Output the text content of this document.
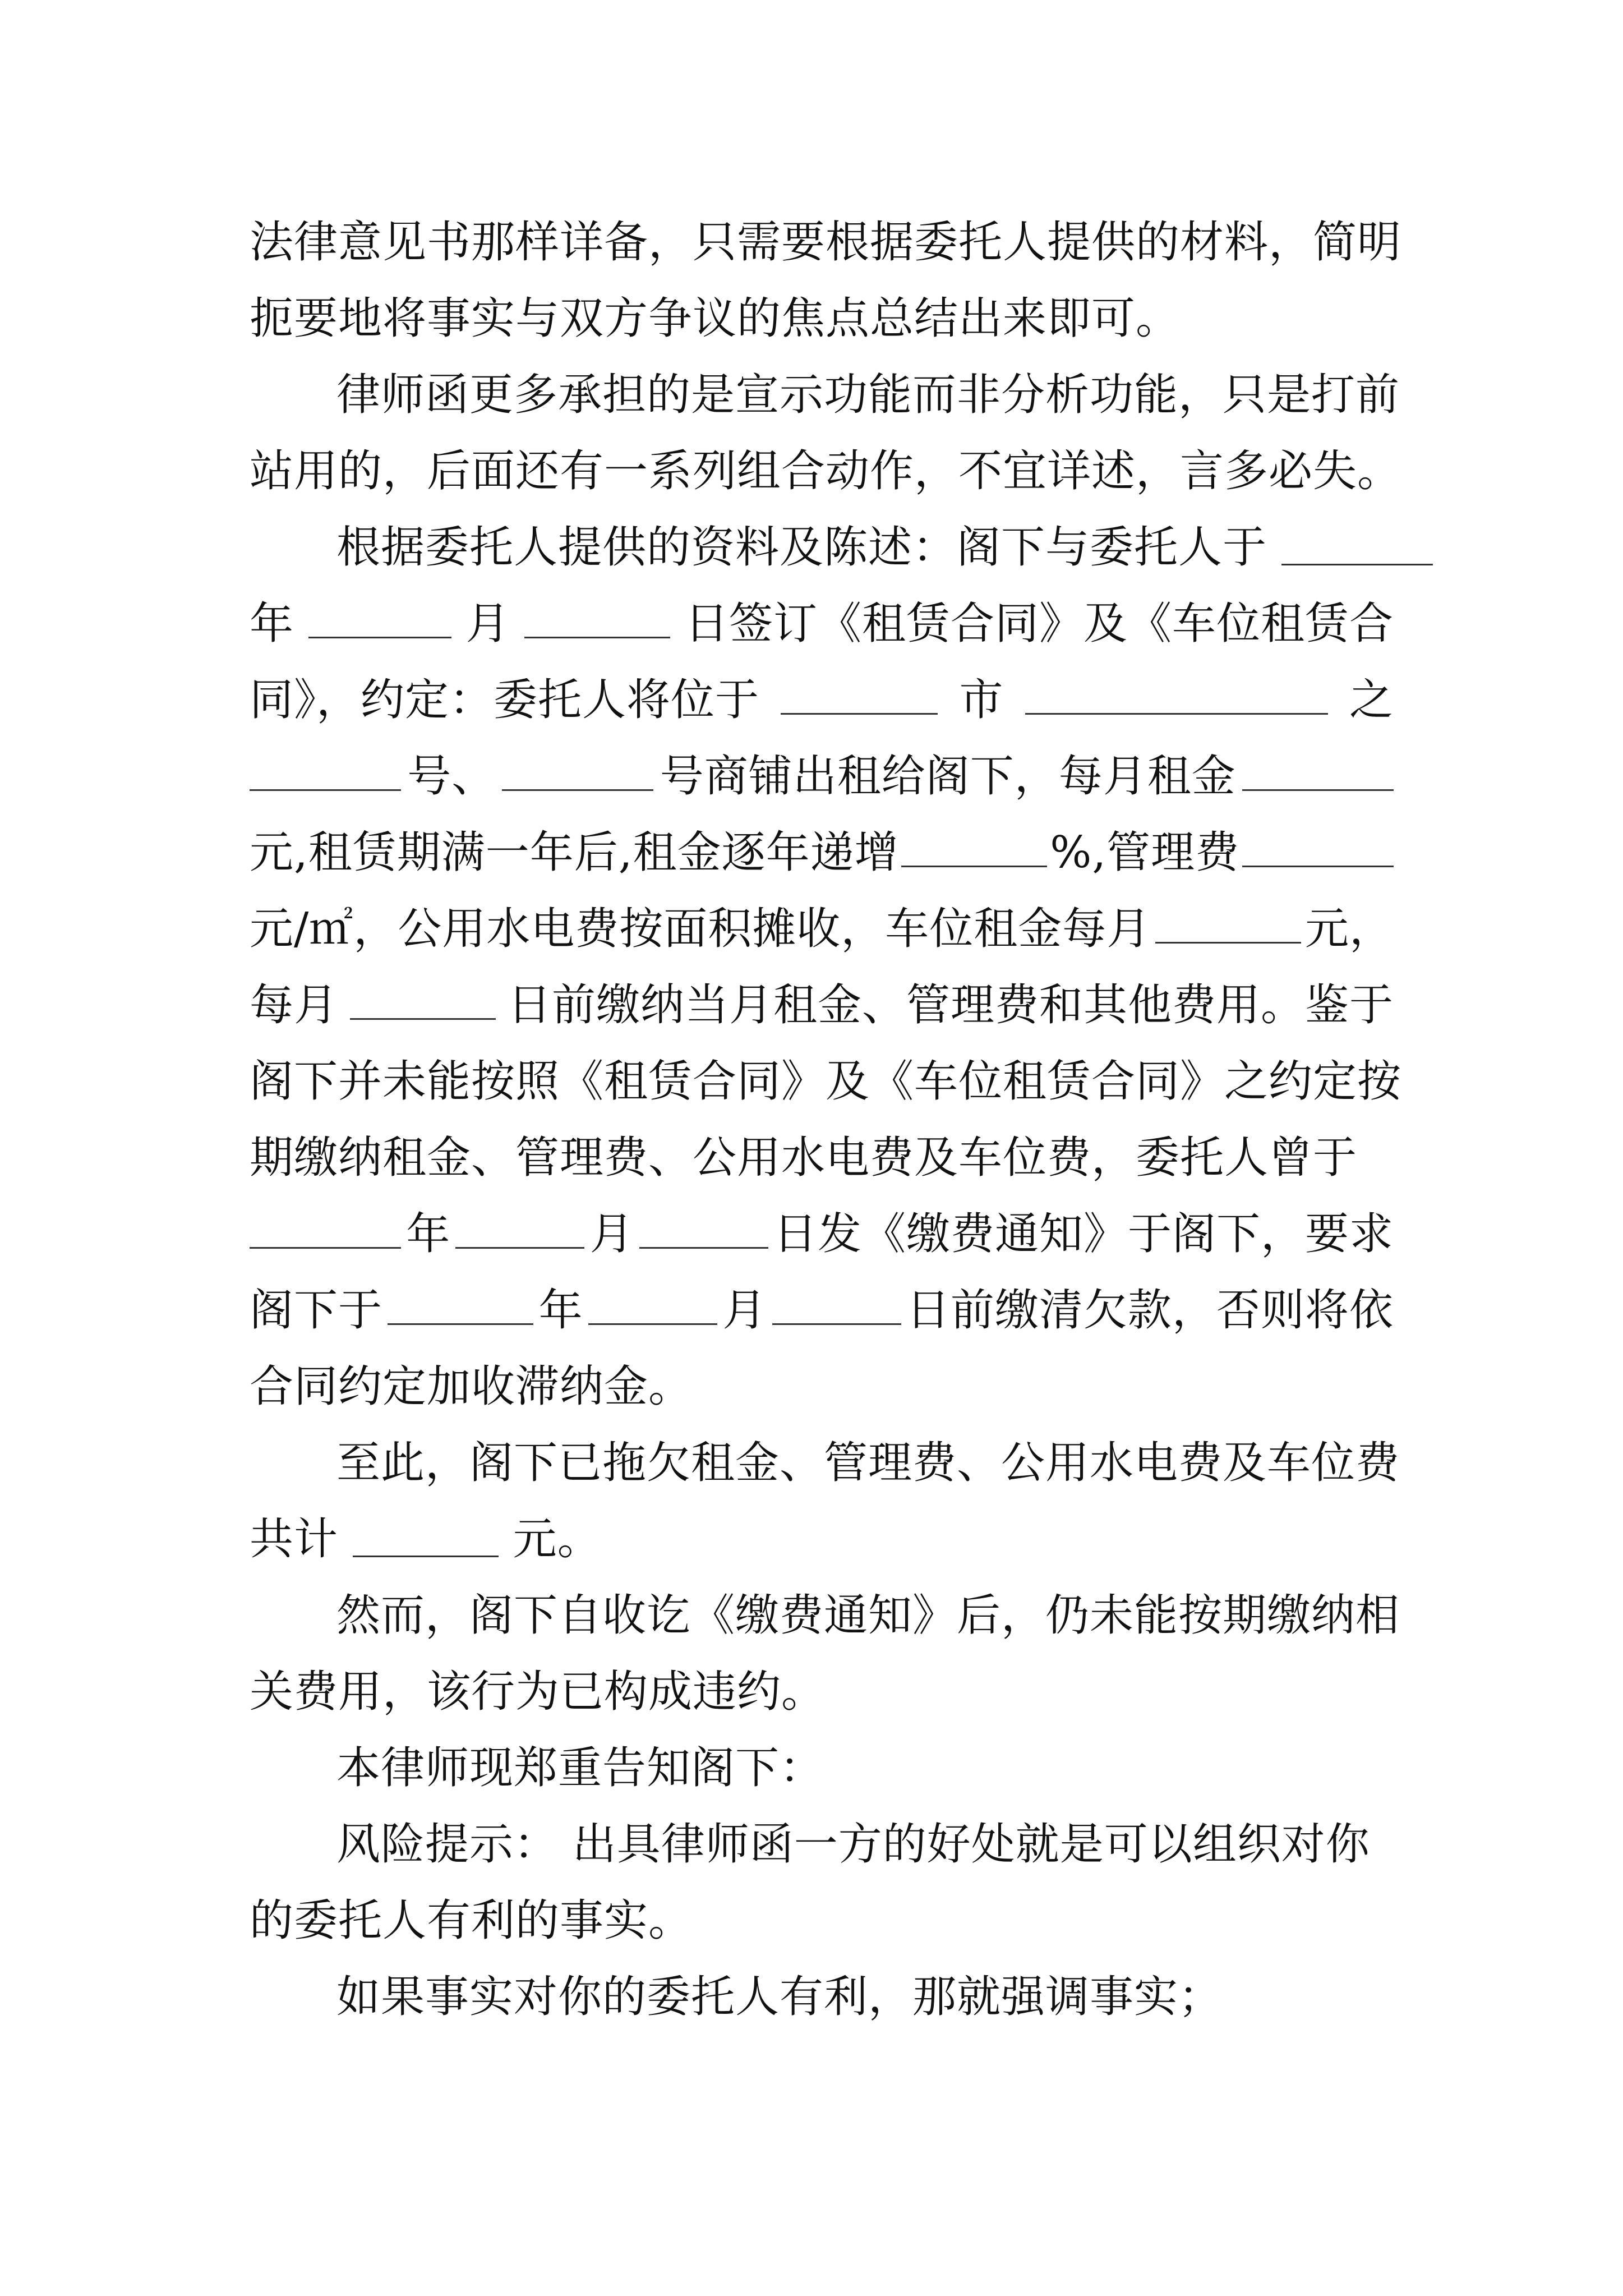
法律意见书那样详备，只需要根据委托人提供的材料，简明
扼要地将事实与双方争议的焦点总结出来即可。
律师函更多承担的是宣示功能而非分析功能，只是打前
站用的，后面还有一系列组合动作，不宜详述，言多必失。
根据委托人提供的资料及陈述：阁下与委托人于
年	月	日签订《租赁合同》及《车位租赁合
同》，约定：委托人将位于	市	之
号、	号商铺出租给阁下，每月租金
元,租赁期满一年后,租金逐年递增	%,管理费
元/㎡，公用水电费按面积摊收，车位租金每月	元，
每月	日前缴纳当月租金、管理费和其他费用。鉴于
阁下并未能按照《租赁合同》及《车位租赁合同》之约定按
期缴纳租金、管理费、公用水电费及车位费，委托人曾于
年	月	日发《缴费通知》于阁下，要求
阁下于	年	月	日前缴清欠款，否则将依
合同约定加收滞纳金。
至此，阁下已拖欠租金、管理费、公用水电费及车位费
共计	元。
然而，阁下自收讫《缴费通知》后，仍未能按期缴纳相
关费用，该行为已构成违约。
本律师现郑重告知阁下：
风险提示： 出具律师函一方的好处就是可以组织对你
的委托人有利的事实。
如果事实对你的委托人有利，那就强调事实；
